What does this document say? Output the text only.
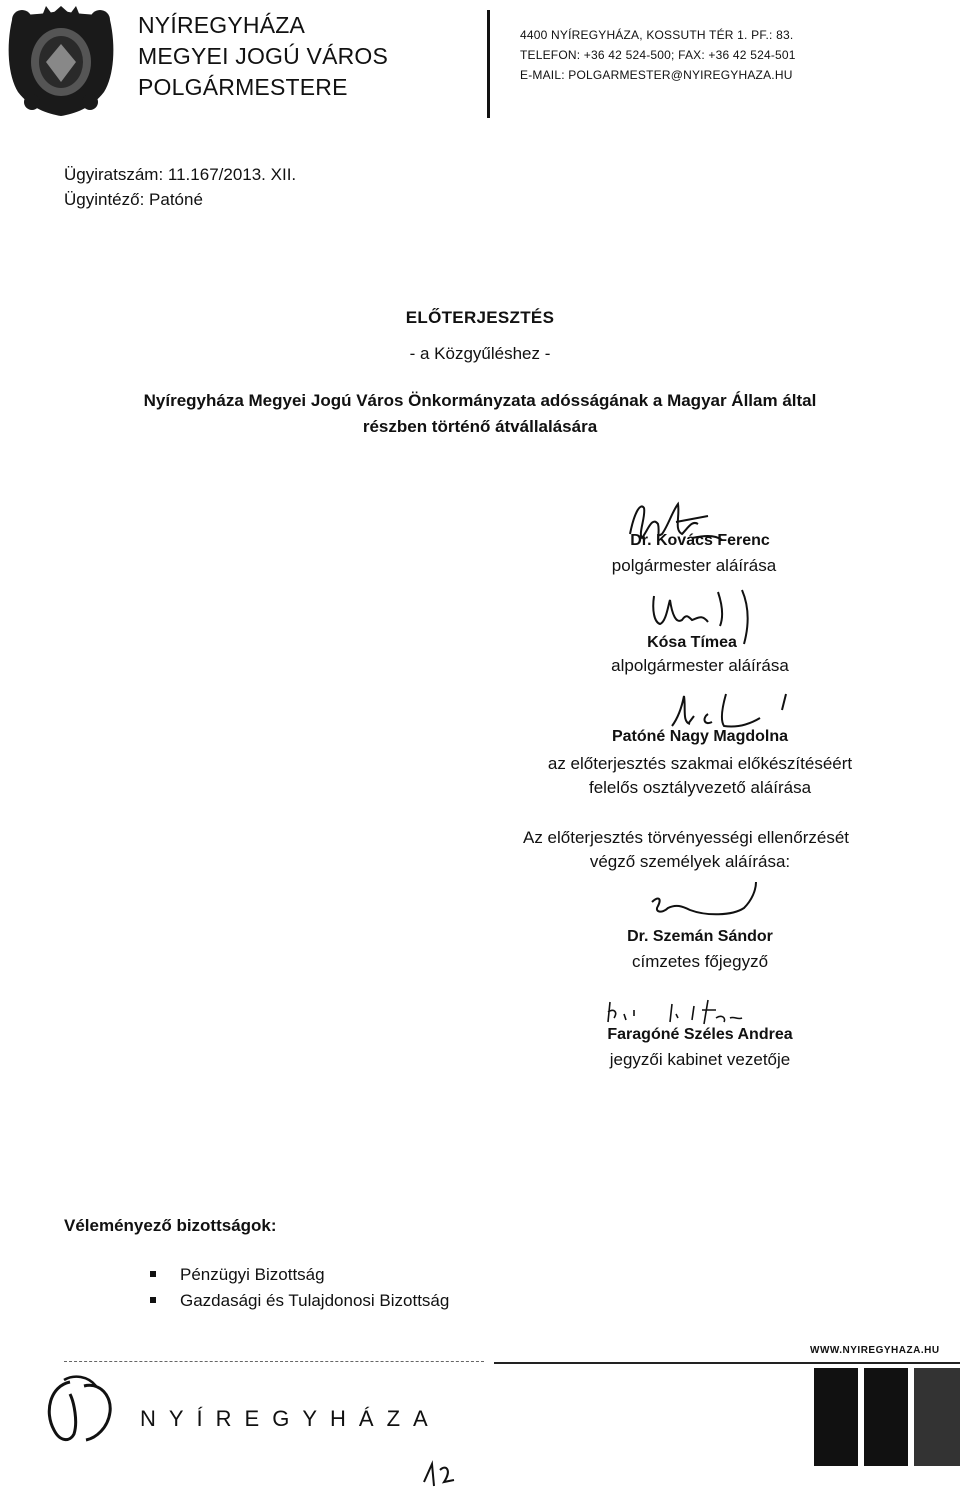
NYÍREGYHÁZA
MEGYEI JOGÚ VÁROS
POLGÁRMESTERE
4400 NYÍREGYHÁZA, KOSSUTH TÉR 1. PF.: 83.
TELEFON: +36 42 524-500; FAX: +36 42 524-501
E-MAIL: POLGARMESTER@NYIREGYHAZA.HU
Ügyiratszám: 11.167/2013. XII.
Ügyintéző: Patóné
ELŐTERJESZTÉS
- a Közgyűléshez -
Nyíregyháza Megyei Jogú Város Önkormányzata adósságának a Magyar Állam által
részben történő átvállalására
Dr. Kovács Ferenc
polgármester aláírása
Kósa Tímea
alpolgármester aláírása
Patóné Nagy Magdolna
az előterjesztés szakmai előkészítéséért
felelős osztályvezető aláírása
Az előterjesztés törvényességi ellenőrzését
végző személyek aláírása:
Dr. Szemán Sándor
címzetes főjegyző
Faragóné Széles Andrea
jegyzői kabinet vezetője
Véleményező bizottságok:
Pénzügyi Bizottság
Gazdasági és Tulajdonosi Bizottság
WWW.NYIREGYHAZA.HU
NYÍREGYHÁZA
